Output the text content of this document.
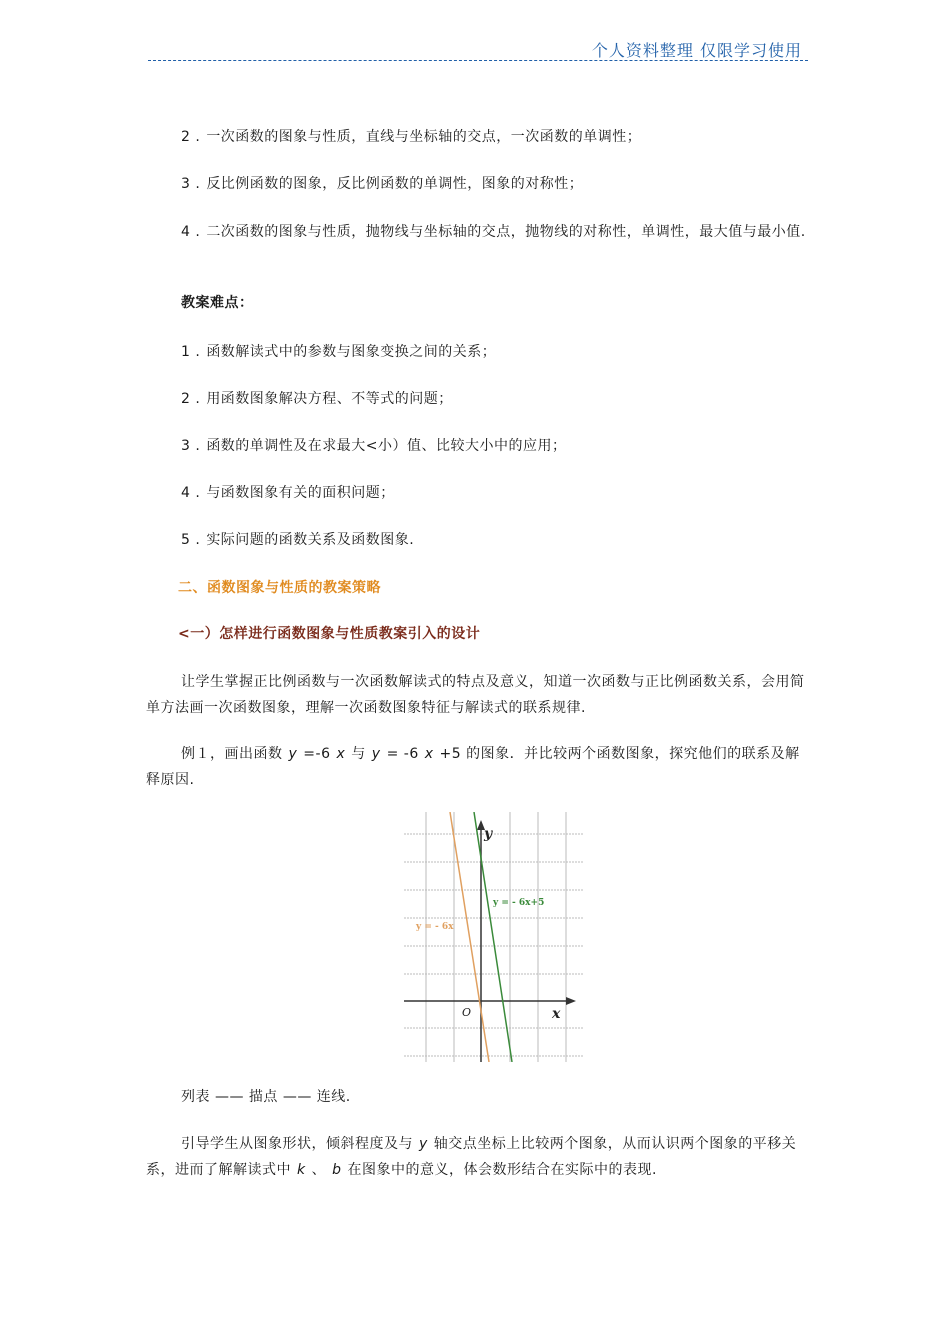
个人资料整理 仅限学习使用

2 . 一次函数的图象与性质，直线与坐标轴的交点，一次函数的单调性；

3 . 反比例函数的图象，反比例函数的单调性，图象的对称性；

4 . 二次函数的图象与性质，抛物线与坐标轴的交点，抛物线的对称性，单调性，最大值与最小值.

教案难点：

1 . 函数解读式中的参数与图象变换之间的关系；

2 . 用函数图象解决方程、不等式的问题；

3 . 函数的单调性及在求最大<小）值、比较大小中的应用；

4 . 与函数图象有关的面积问题；

5 . 实际问题的函数关系及函数图象.

二、函数图象与性质的教案策略

<一）怎样进行函数图象与性质教案引入的设计

让学生掌握正比例函数与一次函数解读式的特点及意义，知道一次函数与正比例函数关系，会用简单方法画一次函数图象，理解一次函数图象特征与解读式的联系规律.

例１，画出函数 y =-6 x 与 y = -6 x +5 的图象．并比较两个函数图象，探究他们的联系及解释原因.

y
x
O
y = - 6x
y = - 6x+5

列表 —— 描点 —— 连线.

引导学生从图象形状，倾斜程度及与 y 轴交点坐标上比较两个图象，从而认识两个图象的平移关系，进而了解解读式中 k 、 b 在图象中的意义，体会数形结合在实际中的表现.
